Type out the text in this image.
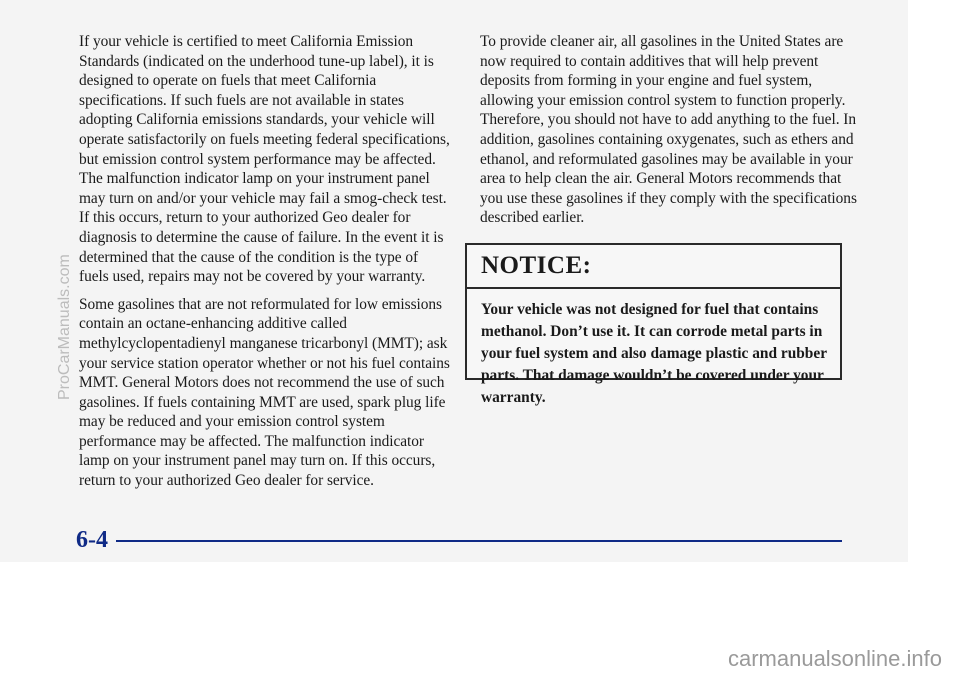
If your vehicle is certified to meet California Emission Standards (indicated on the underhood tune-up label), it is designed to operate on fuels that meet California specifications. If such fuels are not available in states adopting California emissions standards, your vehicle will operate satisfactorily on fuels meeting federal specifications, but emission control system performance may be affected. The malfunction indicator lamp on your instrument panel may turn on and/or your vehicle may fail a smog-check test. If this occurs, return to your authorized Geo dealer for diagnosis to determine the cause of failure. In the event it is determined that the cause of the condition is the type of fuels used, repairs may not be covered by your warranty.

Some gasolines that are not reformulated for low emissions contain an octane-enhancing additive called methylcyclopentadienyl manganese tricarbonyl (MMT); ask your service station operator whether or not his fuel contains MMT. General Motors does not recommend the use of such gasolines. If fuels containing MMT are used, spark plug life may be reduced and your emission control system performance may be affected. The malfunction indicator lamp on your instrument panel may turn on. If this occurs, return to your authorized Geo dealer for service.

To provide cleaner air, all gasolines in the United States are now required to contain additives that will help prevent deposits from forming in your engine and fuel system, allowing your emission control system to function properly. Therefore, you should not have to add anything to the fuel. In addition, gasolines containing oxygenates, such as ethers and ethanol, and reformulated gasolines may be available in your area to help clean the air. General Motors recommends that you use these gasolines if they comply with the specifications described earlier.

NOTICE:
Your vehicle was not designed for fuel that contains methanol. Don’t use it. It can corrode metal parts in your fuel system and also damage plastic and rubber parts. That damage wouldn’t be covered under your warranty.
6-4
ProCarManuals.com
carmanualsonline.info
